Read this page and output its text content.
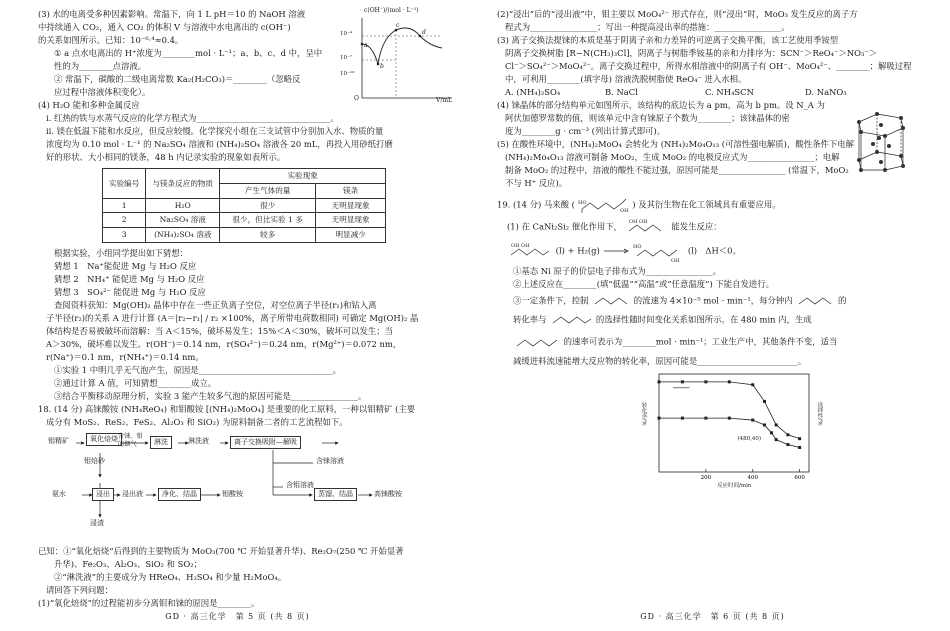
(3) 水的电离受多种因素影响。常温下，向 1 L pH＝10 的 NaOH 溶液

中持续通入 CO₂，通入 CO₂ 的体积 V 与溶液中水电离出的 c(OH⁻)

的关系如图所示。已知：10⁻⁰·⁴≈0.4。

① a 点水电离出的 H⁺浓度为________mol · L⁻¹；a、b、c、d 中，呈中

性的为________点溶液。

② 常温下，碳酸的二级电离常数 Ka₂(H₂CO₃)＝________（忽略反

应过程中溶液体积变化）。

c(OH⁻)/(mol · L⁻¹)
10⁻⁴
10⁻⁷
10⁻¹⁰
O	V/mL
a
b
c
d

(4) H₂O 能和多种金属反应

i. 红热的铁与水蒸气反应的化学方程式为________________________________。

ii. 镁在低温下能和水反应，但反应较慢。化学探究小组在三支试管中分别加入水、物质的量

浓度均为 0.10 mol · L⁻¹ 的 Na₂SO₄ 溶液和 (NH₄)₂SO₄ 溶液各 20 mL，再投入用砂纸打磨

好的形状、大小相同的镁条，48 h 内记录实验的现象如表所示。

实验编号	与镁条反应的物质	实验现象	
		产生气体的量	镁条
1	H₂O	很少	无明显现象
2	Na₂SO₄ 溶液	很少，但比实验 1 多	无明显现象
3	(NH₄)₂SO₄ 溶液	较多	明显减少

根据实验，小组同学提出如下猜想：

猜想 1　Na⁺能促进 Mg 与 H₂O 反应

猜想 2　NH₄⁺ 能促进 Mg 与 H₂O 反应

猜想 3　SO₄²⁻ 能促进 Mg 与 H₂O 反应

查阅资料获知：Mg(OH)₂ 晶体中存在一些正负离子空位，对空位离子半径(r₁)和钻入离

子半径(r₂)的关系 A 进行计算 (A＝|r₂−r₁| / r₂ ×100%，离子所带电荷数相同) 可确定 Mg(OH)₂ 晶

体结构是否易被破坏而溶解：当 A＜15%，破坏易发生；15%＜A＜30%，破坏可以发生；当

A＞30%，破坏难以发生。r(OH⁻)＝0.14 nm，r(SO₄²⁻)＝0.24 nm，r(Mg²⁺)＝0.072 nm，

r(Na⁺)＝0.1 nm，r(NH₄⁺)＝0.14 nm。

①实验 1 中明几乎无气泡产生，原因是________________________________。

②通过计算 A 值，可知猜想________成立。

③结合平衡移动原理分析，实验 3 能产生较多气泡的原因可能是________________。

18. (14 分) 高铼酸铵 (NH₄ReO₄) 和钼酸铵 [(NH₄)₂MoO₄] 是重要的化工原料，一种以钼精矿 (主要

成分有 MoS₂、ReS₂、FeS₂、Al₂O₃ 和 SiO₂) 为原料制备二者的工艺流程如下。

钼精矿	氧化焙烧 含铼、钼的烟气	淋洗	淋洗液	离子交换吸附—解吸
含铼溶液
钼焙砂
氨水	浸出	浸出液	净化、结晶
含钼溶液
蒸馏、结晶	高铼酸铵
钼酸铵
浸渣

已知：①“氧化焙烧”后得到的主要物质为 MoO₃(700 ℃ 开始显著升华)、Re₂O₇(250 ℃ 开始显著

升华)、Fe₂O₃、Al₂O₃、SiO₂ 和 SO₂；

②“淋洗液”的主要成分为 HReO₄、H₂SO₄ 和少量 H₂MoO₄。

请回答下列问题：

(1)“氧化焙烧”的过程能初步分离钼和铼的原因是________。

GD · 高三化学　第 5 页 (共 8 页)

(2)“浸出”后的“浸出液”中，钼主要以 MoO₄²⁻ 形式存在，则“浸出”时，MoO₃ 发生反应的离子方

程式为________________；写出一种提高浸出率的措施：________________。

(3) 离子交换法提铼的本质是基于阴离子亲和力差异的可逆离子交换平衡，该工艺使用季铵型

阴离子交换树脂 [R−N(CH₃)₃Cl]，阴离子与树脂季铵基的亲和力排序为：SCN⁻＞ReO₄⁻＞NO₃⁻＞

Cl⁻＞SO₄²⁻＞MoO₄²⁻。离子交换过程中，所得水相溶液中的阴离子有 OH⁻、MoO₄²⁻、________；解吸过程

中，可利用________(填字母) 溶液洗脱树脂使 ReO₄⁻ 进入水相。

A. (NH₄)₂SO₄	B. NaCl	C. NH₄SCN	D. NaNO₃

(4) 铼晶体的部分结构单元如图所示，该结构的底边长为 a pm，高为 b pm。设 N_A 为

阿伏加德罗常数的值，则该单元中含有铼原子个数为________；该铼晶体的密

度为________g · cm⁻³ (列出计算式即可)。

(5) 在酸性环境中，(NH₄)₂MoO₄ 会转化为 (NH₄)₂Mo₄O₁₃ (可溶性强电解质)，酸性条件下电解

(NH₄)₂Mo₄O₁₃ 溶液可制备 MoO₂，生成 MoO₂ 的电极反应式为________________；电解

制备 MoO₂ 的过程中，溶液的酸性不能过强，原因可能是________________ (常温下，MoO₂

不与 H⁺ 反应)。

19. (14 分) 马来酸 ( HO
OH
) 及其衍生物在化工领域具有重要应用。

(1) 在 CaNi₂Si₂ 催化作用下， OH OH	能发生反应：

OH OH	(l) + H₂(g)	HO
OH
(l)　ΔH＜0。

①基态 Ni 原子的价层电子排布式为________________。

②上述反应在________(填“低温”“高温”或“任意温度”) 下能自发进行。

③一定条件下，控制	的流速为 4×10⁻⁵ mol · min⁻¹，每分钟内	的

转化率与	的选择性随时间变化关系如图所示。在 480 min 内，生成

的速率可表示为________mol · min⁻¹；工业生产中，其他条件不变，适当

减缓进料流速能增大反应物的转化率，原因可能是________________________。

200	400	600
转化率/%	选择性/%
反应时间/min
(480,40)
GD · 高三化学　第 6 页 (共 8 页)
